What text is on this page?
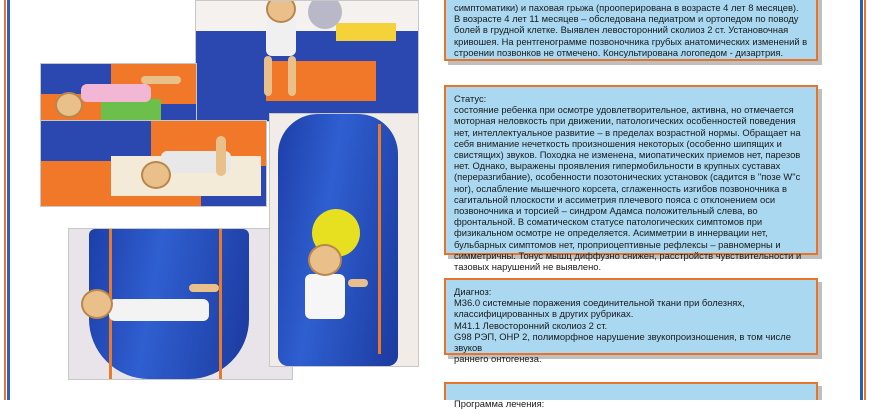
симптоматики) и паховая грыжа (прооперирована в возрасте 4 лет 8 месяцев).

В возрасте 4 лет 11 месяцев – обследована педиатром и ортопедом по поводу

болей в грудной клетке. Выявлен левосторонний сколиоз 2 ст. Установочная

кривошея. На рентгенограмме позвоночника грубых анатомических изменений в

строении позвонков не отмечено. Консультирована логопедом - дизартрия.

Статус:

состояние ребенка при осмотре удовлетворительное, активна, но отмечается моторная неловкость при движении, патологических особенностей поведения нет, интеллектуальное развитие – в пределах возрастной нормы. Обращает на себя внимание нечеткость произношения некоторых (особенно шипящих и свистящих) звуков. Походка не изменена, миопатических приемов нет, парезов нет. Однако, выражены проявления гипермобильности в крупных суставах (переразгибание), особенности позотонических установок (садится в "позе W"с ног), ослабление мышечного корсета, сглаженность изгибов позвоночника в сагитальной плоскости и ассиметрия плечевого пояса с отклонением оси позвоночника и торсией – синдром Адамса положительный слева, во фронтальной. В соматическом статусе патологических симптомов при физикальном осмотре не определяется. Асимметрии в иннервации нет, бульбарных симптомов нет, проприоцептивные рефлексы – равномерны и симметричны. Тонус мышц диффузно снижен, расстройств чувствительности и тазовых нарушений не выявлено.

Диагноз:

М36.0 системные поражения соединительной ткани при болезнях,

классифицированных в других рубриках.

М41.1 Левосторонний сколиоз 2 ст.

G98 РЭП, ОНР 2, полиморфное нарушение звукопроизношения, в том числе звуков

раннего онтогенеза.

Программа лечения:
